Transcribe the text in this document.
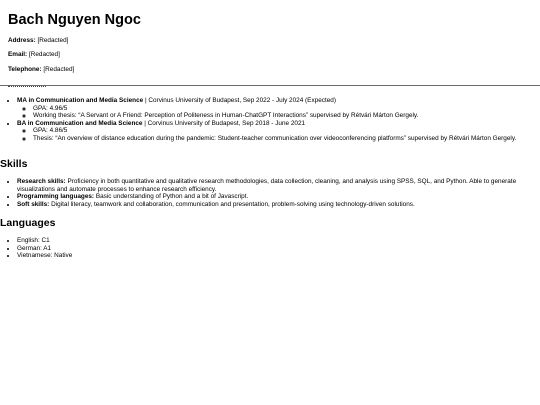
Bach Nguyen Ngoc
Address: [Redacted]
Email: [Redacted]
Telephone: [Redacted]
• MA in Communication and Media Science | Corvinus University of Budapest, Sep 2022 - July 2024 (Expected)
◦ GPA: 4.96/5
◦ Working thesis: “A Servant or A Friend: Perception of Politeness in Human-ChatGPT Interactions” supervised by Rétvári Márton Gergely.
• BA in Communication and Media Science | Corvinus University of Budapest, Sep 2018 - June 2021
◦ GPA: 4.86/5
◦ Thesis: “An overview of distance education during the pandemic: Student-teacher communication over videoconferencing platforms” supervised by Rétvári Márton Gergely.
Skills
• Research skills: Proficiency in both quantitative and qualitative research methodologies, data collection, cleaning, and analysis using SPSS, SQL, and Python. Able to generate visualizations and automate processes to enhance research efficiency.
• Programming languages: Basic understanding of Python and a bit of Javascript.
• Soft skills: Digital literacy, teamwork and collaboration, communication and presentation, problem-solving using technology-driven solutions.
Languages
• English: C1
• German: A1
• Vietnamese: Native
